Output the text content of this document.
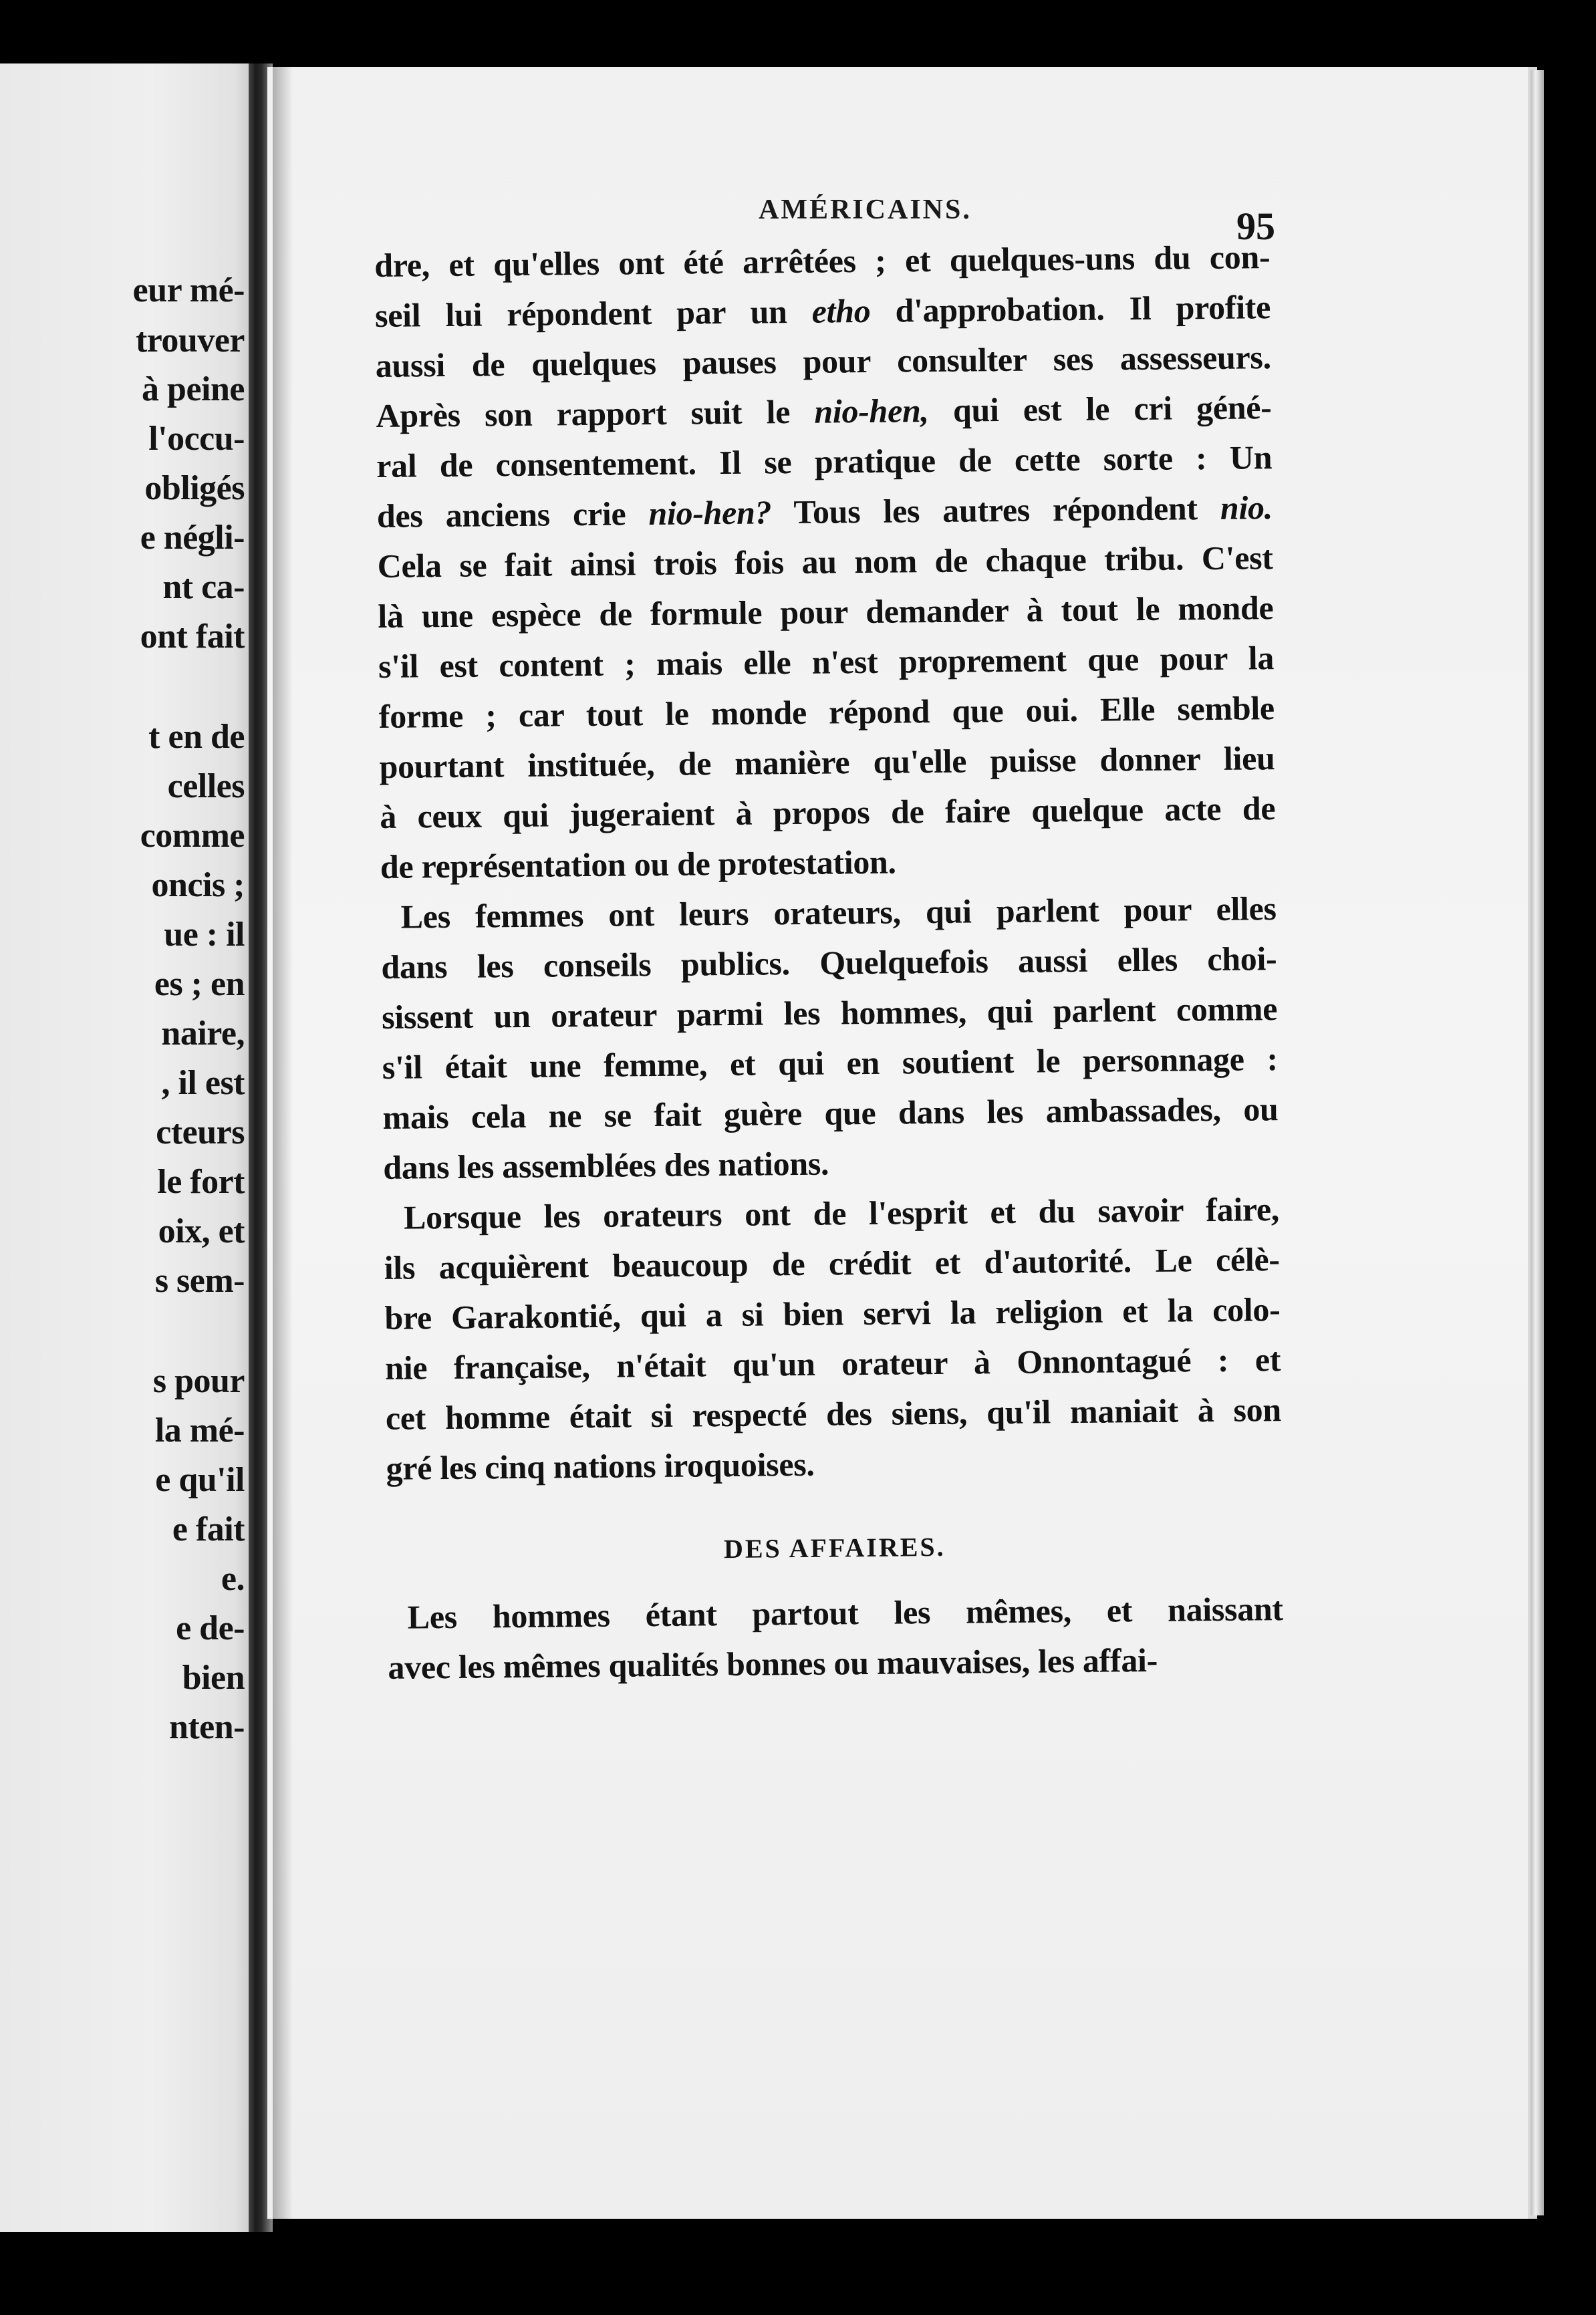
eur mé-
trouver
à peine
l'occu-
obligés
e négli-
nt ca-
ont fait
t en de
celles
comme
oncis ;
ue : il
es ; en
naire,
, il est
cteurs
le fort
oix, et
s sem-
s pour
la mé-
e qu'il
e fait
e.
e de-
bien
nten-
AMÉRICAINS.	95
dre, et qu'elles ont été arrêtées ; et quelques-uns du con-
seil lui répondent par un etho d'approbation. Il profite
aussi de quelques pauses pour consulter ses assesseurs.
Après son rapport suit le nio-hen, qui est le cri géné-
ral de consentement. Il se pratique de cette sorte : Un
des anciens crie nio-hen? Tous les autres répondent nio.
Cela se fait ainsi trois fois au nom de chaque tribu. C'est
là une espèce de formule pour demander à tout le monde
s'il est content ; mais elle n'est proprement que pour la
forme ; car tout le monde répond que oui. Elle semble
pourtant instituée, de manière qu'elle puisse donner lieu
à ceux qui jugeraient à propos de faire quelque acte de
de représentation ou de protestation.
Les femmes ont leurs orateurs, qui parlent pour elles
dans les conseils publics. Quelquefois aussi elles choi-
sissent un orateur parmi les hommes, qui parlent comme
s'il était une femme, et qui en soutient le personnage :
mais cela ne se fait guère que dans les ambassades, ou
dans les assemblées des nations.
Lorsque les orateurs ont de l'esprit et du savoir faire,
ils acquièrent beaucoup de crédit et d'autorité. Le célè-
bre Garakontié, qui a si bien servi la religion et la colo-
nie française, n'était qu'un orateur à Onnontagué : et
cet homme était si respecté des siens, qu'il maniait à son
gré les cinq nations iroquoises.
DES AFFAIRES.
Les hommes étant partout les mêmes, et naissant
avec les mêmes qualités bonnes ou mauvaises, les affai-
